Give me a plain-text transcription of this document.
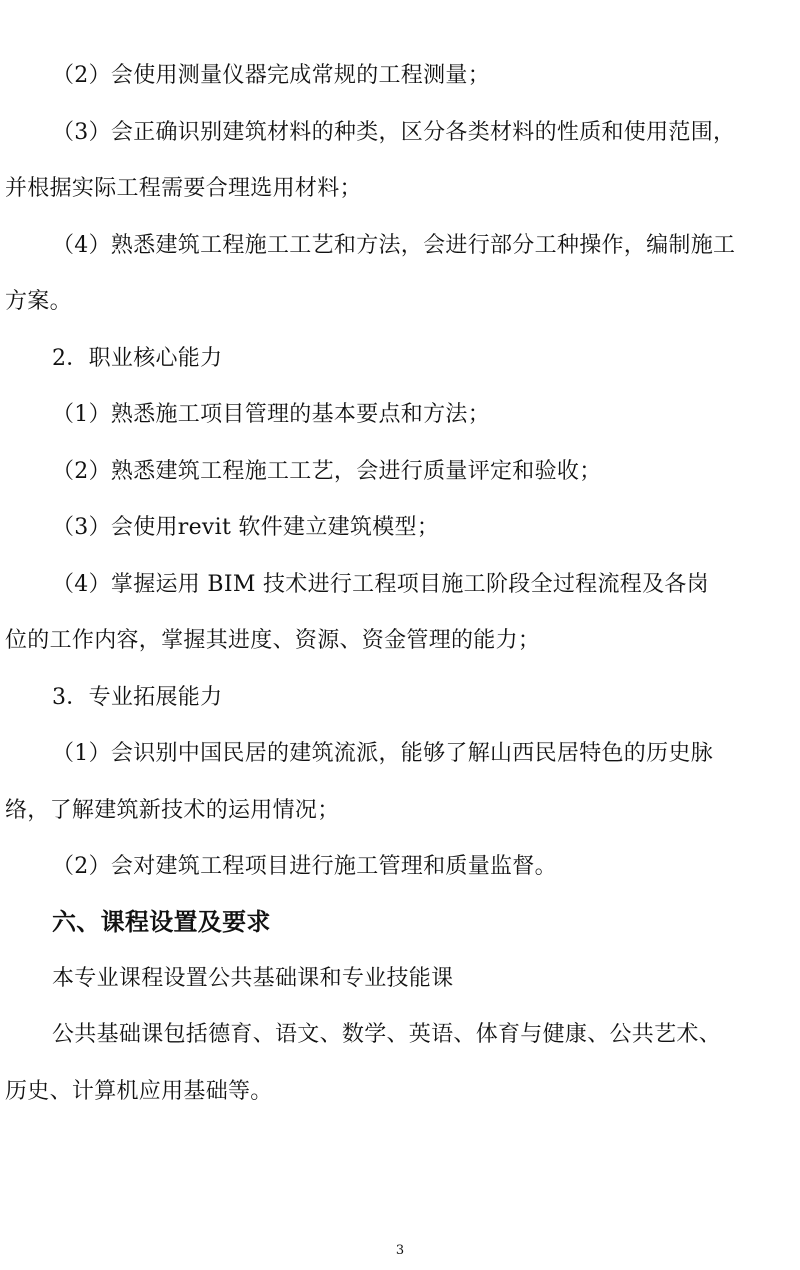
（2）会使用测量仪器完成常规的工程测量；
（3）会正确识别建筑材料的种类，区分各类材料的性质和使用范围，
并根据实际工程需要合理选用材料；
（4）熟悉建筑工程施工工艺和方法，会进行部分工种操作，编制施工
方案。
2．职业核心能力
（1）熟悉施工项目管理的基本要点和方法；
（2）熟悉建筑工程施工工艺，会进行质量评定和验收；
（3）会使用revit 软件建立建筑模型；
（4）掌握运用 BIM 技术进行工程项目施工阶段全过程流程及各岗
位的工作内容，掌握其进度、资源、资金管理的能力；
3．专业拓展能力
（1）会识别中国民居的建筑流派，能够了解山西民居特色的历史脉
络，了解建筑新技术的运用情况；
（2）会对建筑工程项目进行施工管理和质量监督。
六、课程设置及要求
本专业课程设置公共基础课和专业技能课
公共基础课包括德育、语文、数学、英语、体育与健康、公共艺术、
历史、计算机应用基础等。
3
